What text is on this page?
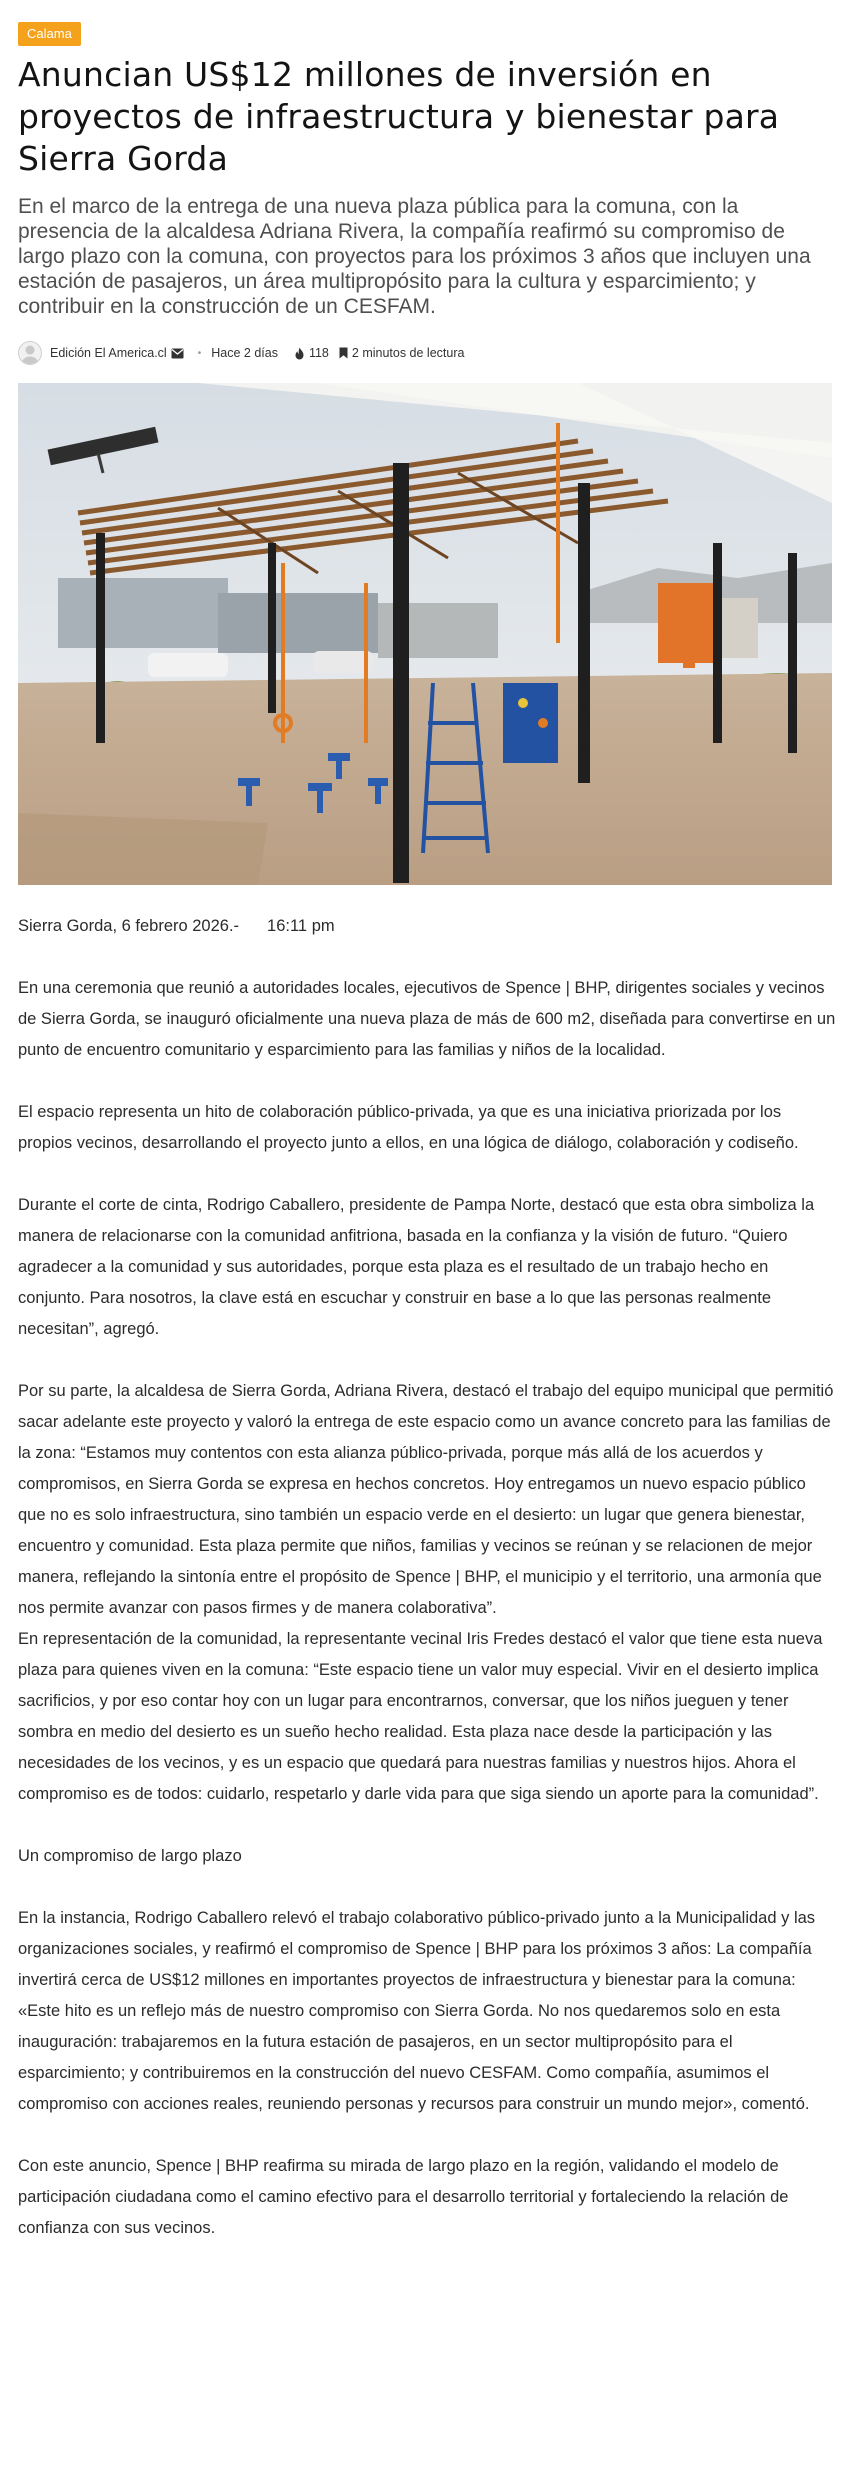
Calama
Anuncian US$12 millones de inversión en proyectos de infraestructura y bienestar para Sierra Gorda

En el marco de la entrega de una nueva plaza pública para la comuna, con la presencia de la alcaldesa Adriana Rivera, la compañía reafirmó su compromiso de largo plazo con la comuna, con proyectos para los próximos 3 años que incluyen una estación de pasajeros, un área multipropósito para la cultura y esparcimiento; y contribuir en la construcción de un CESFAM.

Edición El America.cl	• Hace 2 días 118 2 minutos de lectura

Sierra Gorda, 6 febrero 2026.- 16:11 pm

En una ceremonia que reunió a autoridades locales, ejecutivos de Spence | BHP, dirigentes sociales y vecinos de Sierra Gorda, se inauguró oficialmente una nueva plaza de más de 600 m2, diseñada para convertirse en un punto de encuentro comunitario y esparcimiento para las familias y niños de la localidad.

El espacio representa un hito de colaboración público-privada, ya que es una iniciativa priorizada por los propios vecinos, desarrollando el proyecto junto a ellos, en una lógica de diálogo, colaboración y codiseño.

Durante el corte de cinta, Rodrigo Caballero, presidente de Pampa Norte, destacó que esta obra simboliza la manera de relacionarse con la comunidad anfitriona, basada en la confianza y la visión de futuro. “Quiero agradecer a la comunidad y sus autoridades, porque esta plaza es el resultado de un trabajo hecho en conjunto. Para nosotros, la clave está en escuchar y construir en base a lo que las personas realmente necesitan”, agregó.

Por su parte, la alcaldesa de Sierra Gorda, Adriana Rivera, destacó el trabajo del equipo municipal que permitió sacar adelante este proyecto y valoró la entrega de este espacio como un avance concreto para las familias de la zona: “Estamos muy contentos con esta alianza público-privada, porque más allá de los acuerdos y compromisos, en Sierra Gorda se expresa en hechos concretos. Hoy entregamos un nuevo espacio público que no es solo infraestructura, sino también un espacio verde en el desierto: un lugar que genera bienestar, encuentro y comunidad. Esta plaza permite que niños, familias y vecinos se reúnan y se relacionen de mejor manera, reflejando la sintonía entre el propósito de Spence | BHP, el municipio y el territorio, una armonía que nos permite avanzar con pasos firmes y de manera colaborativa”.

En representación de la comunidad, la representante vecinal Iris Fredes destacó el valor que tiene esta nueva plaza para quienes viven en la comuna: “Este espacio tiene un valor muy especial. Vivir en el desierto implica sacrificios, y por eso contar hoy con un lugar para encontrarnos, conversar, que los niños jueguen y tener sombra en medio del desierto es un sueño hecho realidad. Esta plaza nace desde la participación y las necesidades de los vecinos, y es un espacio que quedará para nuestras familias y nuestros hijos. Ahora el compromiso es de todos: cuidarlo, respetarlo y darle vida para que siga siendo un aporte para la comunidad”.

Un compromiso de largo plazo

En la instancia, Rodrigo Caballero relevó el trabajo colaborativo público-privado junto a la Municipalidad y las organizaciones sociales, y reafirmó el compromiso de Spence | BHP para los próximos 3 años: La compañía invertirá cerca de US$12 millones en importantes proyectos de infraestructura y bienestar para la comuna: «Este hito es un reflejo más de nuestro compromiso con Sierra Gorda. No nos quedaremos solo en esta inauguración: trabajaremos en la futura estación de pasajeros, en un sector multipropósito para el esparcimiento; y contribuiremos en la construcción del nuevo CESFAM. Como compañía, asumimos el compromiso con acciones reales, reuniendo personas y recursos para construir un mundo mejor», comentó.

Con este anuncio, Spence | BHP reafirma su mirada de largo plazo en la región, validando el modelo de participación ciudadana como el camino efectivo para el desarrollo territorial y fortaleciendo la relación de confianza con sus vecinos.
